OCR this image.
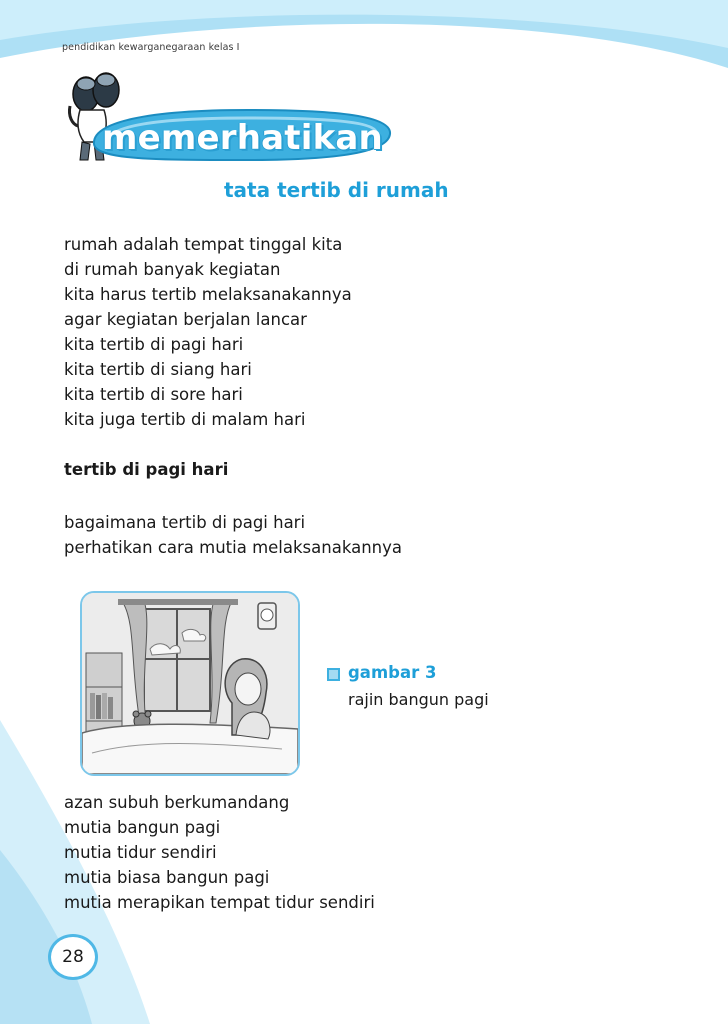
pendidikan kewarganegaraan kelas I
memerhatikan
tata tertib di rumah
rumah adalah tempat tinggal kita
di rumah banyak kegiatan
kita harus tertib melaksanakannya
agar kegiatan berjalan lancar
kita tertib di pagi hari
kita tertib di siang hari
kita tertib di sore hari
kita juga tertib di malam hari
tertib di pagi hari
bagaimana tertib di pagi hari
perhatikan cara mutia melaksanakannya
gambar 3
rajin bangun pagi
azan subuh berkumandang
mutia bangun pagi
mutia tidur sendiri
mutia biasa bangun pagi
mutia merapikan tempat tidur sendiri
28
